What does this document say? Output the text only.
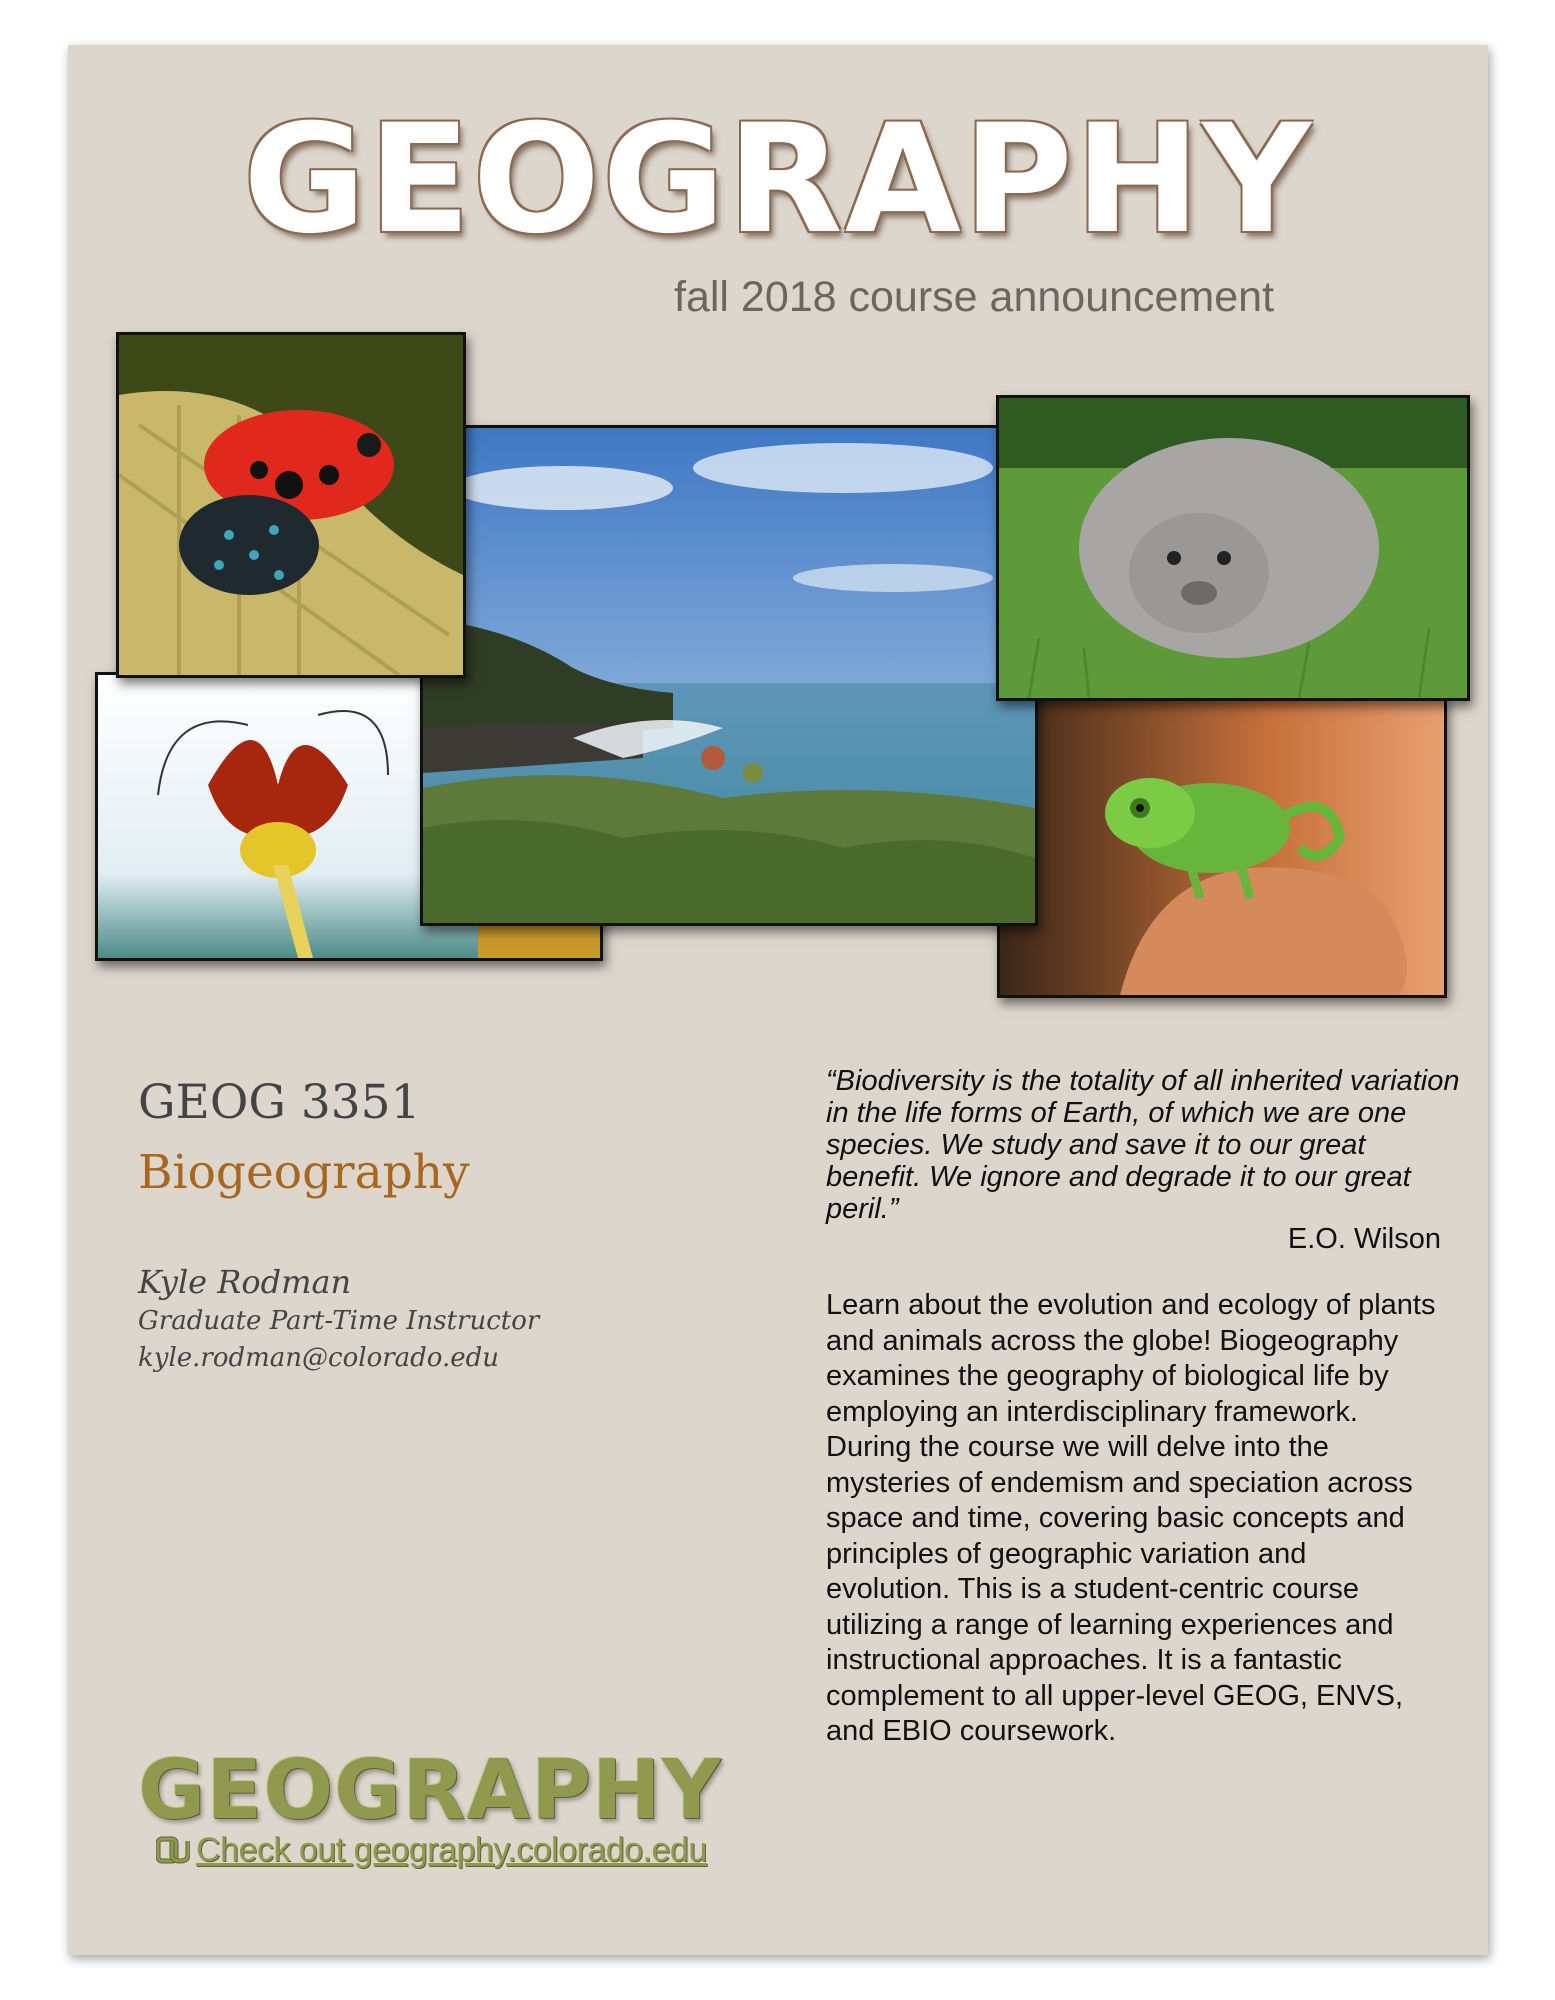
GEOGRAPHY
fall 2018 course announcement
GEOG 3351
Biogeography
Kyle Rodman
Graduate Part-Time Instructor
kyle.rodman@colorado.edu
“Biodiversity is the totality of all inherited variation in the life forms of Earth, of which we are one species. We study and save it to our great benefit. We ignore and degrade it to our great peril.”
E.O. Wilson
Learn about the evolution and ecology of plants and animals across the globe! Biogeography examines the geography of biological life by employing an interdisciplinary framework. During the course we will delve into the mysteries of endemism and speciation across space and time, covering basic concepts and principles of geographic variation and evolution. This is a student-centric course utilizing a range of learning experiences and instructional approaches. It is a fantastic complement to all upper-level GEOG, ENVS, and EBIO coursework.
GEOGRAPHY
Check out geography.colorado.edu
